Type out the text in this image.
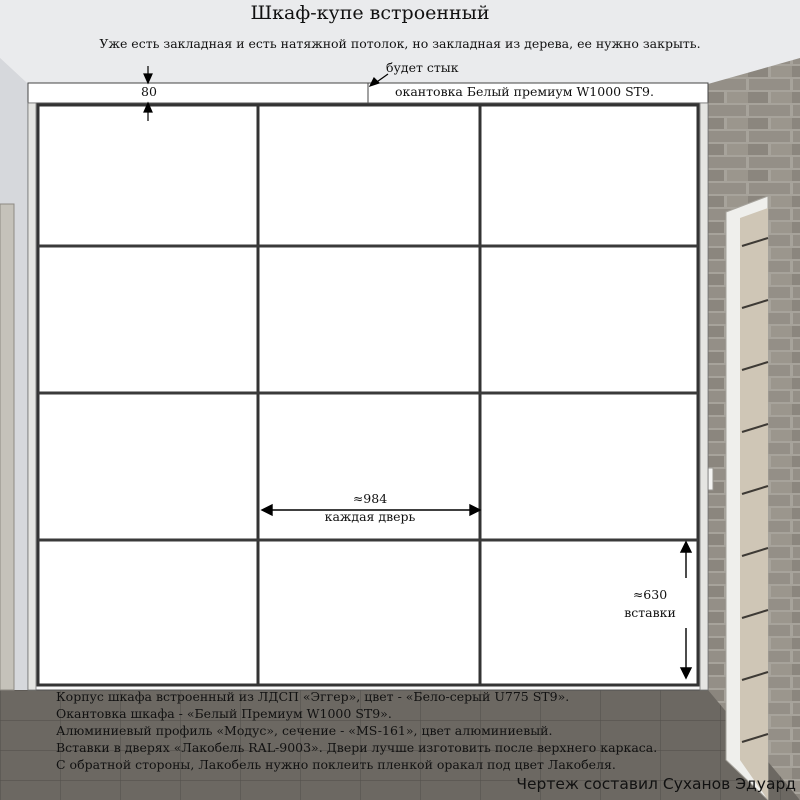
Шкаф-купе встроенный
Уже есть закладная и есть натяжной потолок, но закладная из дерева, ее нужно закрыть.
будет стык
80	окантовка Белый премиум W1000 ST9.
≈984
каждая дверь
≈630
вставки
Корпус шкафа встроенный из ЛДСП «Эггер», цвет - «Бело-серый U775 ST9».
Окантовка шкафа - «Белый Премиум W1000 ST9».
Алюминиевый профиль «Модус», сечение - «MS-161», цвет алюминиевый.
Вставки в дверях «Лакобель RAL-9003». Двери лучше изготовить после верхнего каркаса.
С обратной стороны, Лакобель нужно поклеить пленкой оракал под цвет Лакобеля.
Чертеж составил Суханов Эдуард
